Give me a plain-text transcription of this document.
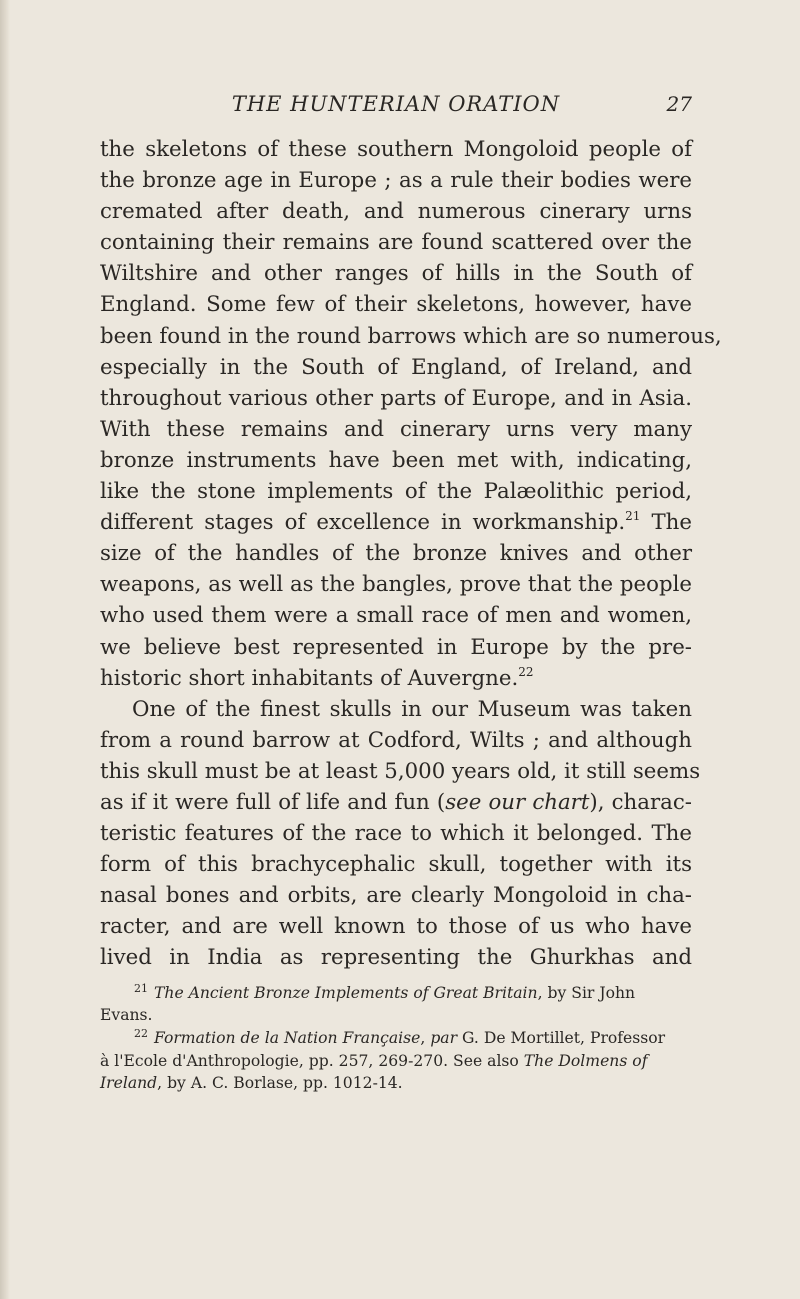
THE HUNTERIAN ORATION	27
the skeletons of these southern Mongoloid people of
the bronze age in Europe ; as a rule their bodies were
cremated after death, and numerous cinerary urns
containing their remains are found scattered over the
Wiltshire and other ranges of hills in the South of
England. Some few of their skeletons, however, have
been found in the round barrows which are so numerous,
especially in the South of England, of Ireland, and
throughout various other parts of Europe, and in Asia.
With these remains and cinerary urns very many
bronze instruments have been met with, indicating,
like the stone implements of the Palæolithic period,
different stages of excellence in workmanship.$^{21}$ The
size of the handles of the bronze knives and other
weapons, as well as the bangles, prove that the people
who used them were a small race of men and women,
we believe best represented in Europe by the pre-
historic short inhabitants of Auvergne.$^{22}$
One of the finest skulls in our Museum was taken
from a round barrow at Codford, Wilts ; and although
this skull must be at least 5,000 years old, it still seems
as if it were full of life and fun (see our chart), charac-
teristic features of the race to which it belonged. The
form of this brachycephalic skull, together with its
nasal bones and orbits, are clearly Mongoloid in cha-
racter, and are well known to those of us who have
lived in India as representing the Ghurkhas and
21 The Ancient Bronze Implements of Great Britain, by Sir John
Evans.
22 Formation de la Nation Française, par G. De Mortillet, Professor
à l'Ecole d'Anthropologie, pp. 257, 269-270. See also The Dolmens of
Ireland, by A. C. Borlase, pp. 1012-14.
